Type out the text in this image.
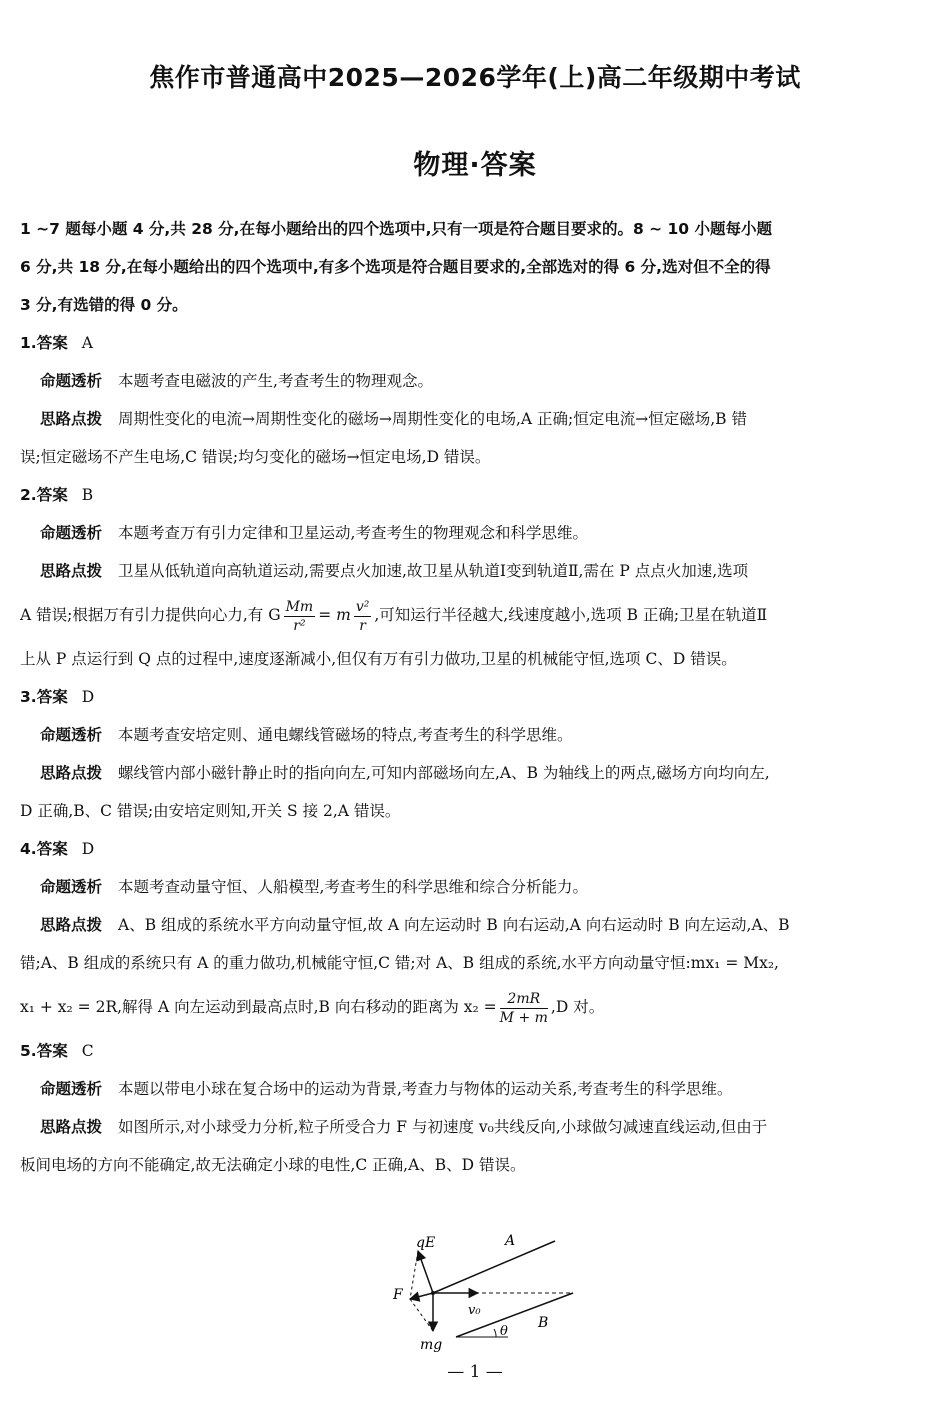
焦作市普通高中2025—2026学年(上)高二年级期中考试
物理·答案
1 ~7 题每小题 4 分,共 28 分,在每小题给出的四个选项中,只有一项是符合题目要求的。8 ~ 10 小题每小题
6 分,共 18 分,在每小题给出的四个选项中,有多个选项是符合题目要求的,全部选对的得 6 分,选对但不全的得
3 分,有选错的得 0 分。
1.答案 A
命题透析 本题考查电磁波的产生,考查考生的物理观念。
思路点拨 周期性变化的电流→周期性变化的磁场→周期性变化的电场,A 正确;恒定电流→恒定磁场,B 错
误;恒定磁场不产生电场,C 错误;均匀变化的磁场→恒定电场,D 错误。
2.答案 B
命题透析 本题考查万有引力定律和卫星运动,考查考生的物理观念和科学思维。
思路点拨 卫星从低轨道向高轨道运动,需要点火加速,故卫星从轨道Ⅰ变到轨道Ⅱ,需在 P 点点火加速,选项
A 错误;根据万有引力提供向心力,有 G $\frac{Mm}{\text{r²}} = m \frac{\text{v²}}{r}$ ,可知运行半径越大,线速度越小,选项 B 正确;卫星在轨道Ⅱ
上从 P 点运行到 Q 点的过程中,速度逐渐减小,但仅有万有引力做功,卫星的机械能守恒,选项 C、D 错误。
3.答案 D
命题透析 本题考查安培定则、通电螺线管磁场的特点,考查考生的科学思维。
思路点拨 螺线管内部小磁针静止时的指向向左,可知内部磁场向左,A、B 为轴线上的两点,磁场方向均向左,
D 正确,B、C 错误;由安培定则知,开关 S 接 2,A 错误。
4.答案 D
命题透析 本题考查动量守恒、人船模型,考查考生的科学思维和综合分析能力。
思路点拨 A、B 组成的系统水平方向动量守恒,故 A 向左运动时 B 向右运动,A 向右运动时 B 向左运动,A、B
错;A、B 组成的系统只有 A 的重力做功,机械能守恒,C 错;对 A、B 组成的系统,水平方向动量守恒:mx₁ = Mx₂,
x₁ + x₂ = 2R,解得 A 向左运动到最高点时,B 向右移动的距离为 $x_2 = \frac{2mR}{M + m} ,D$ 对。
5.答案 C
命题透析 本题以带电小球在复合场中的运动为背景,考查力与物体的运动关系,考查考生的科学思维。
思路点拨 如图所示,对小球受力分析,粒子所受合力 F 与初速度 v₀共线反向,小球做匀减速直线运动,但由于
板间电场的方向不能确定,故无法确定小球的电性,C 正确,A、B、D 错误。
qE	A
F
v₀
mg
θ
B
— 1 —
